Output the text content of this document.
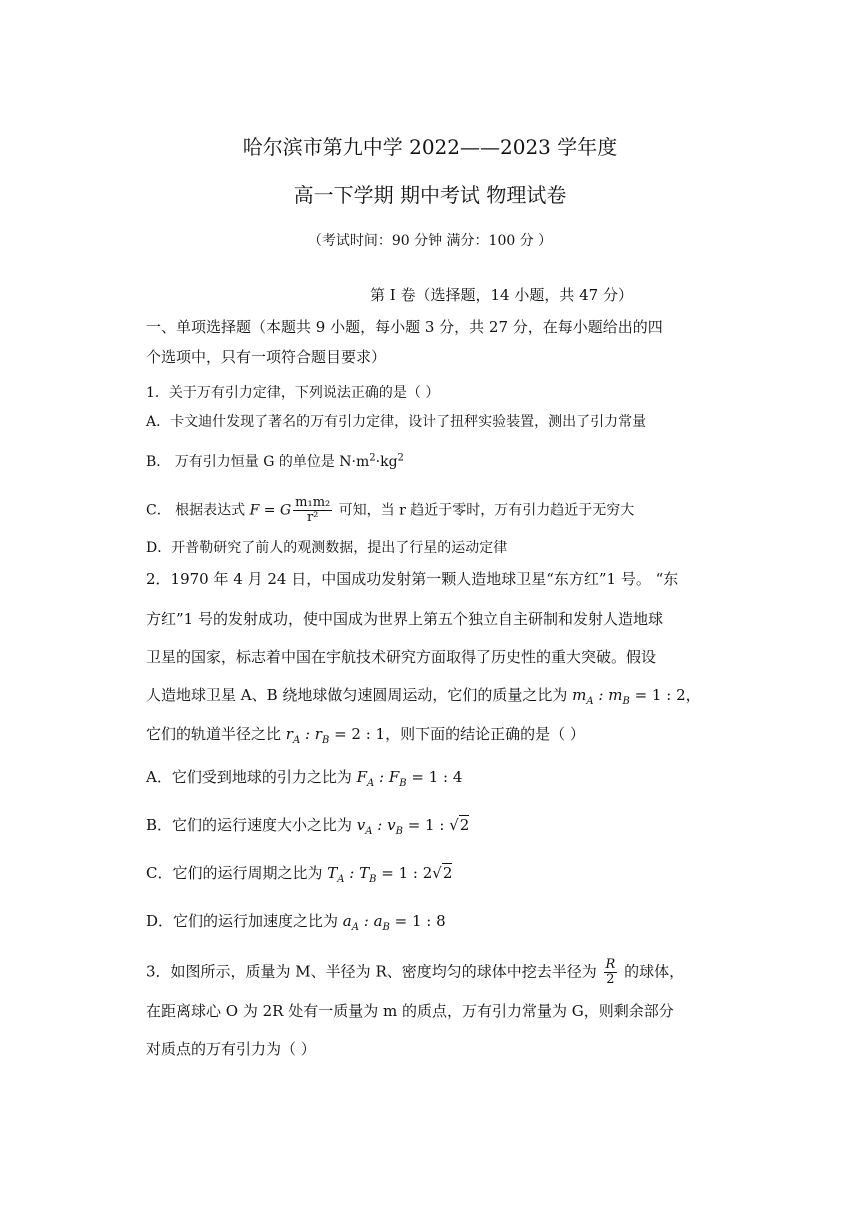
哈尔滨市第九中学 2022——2023 学年度
高一下学期 期中考试 物理试卷
（考试时间：90 分钟 满分：100 分 ）
第 I 卷（选择题，14 小题，共 47 分）
一、单项选择题（本题共 9 小题，每小题 3 分，共 27 分，在每小题给出的四
个选项中，只有一项符合题目要求）
1．关于万有引力定律，下列说法正确的是（ ）
A．卡文迪什发现了著名的万有引力定律，设计了扭秤实验装置，测出了引力常量
B． 万有引力恒量 G 的单位是 $N\cdot m^2\cdot kg^2$
C． 根据表达式 F = G $\frac{\text{m₁m₂}}{\text{r²}}$ 可知，当 r 趋近于零时，万有引力趋近于无穷大
D．开普勒研究了前人的观测数据，提出了行星的运动定律
2．1970 年 4 月 24 日，中国成功发射第一颗人造地球卫星“东方红”1 号。 “东
方红”1 号的发射成功，使中国成为世界上第五个独立自主研制和发射人造地球
卫星的国家，标志着中国在宇航技术研究方面取得了历史性的重大突破。假设
人造地球卫星 A、B 绕地球做匀速圆周运动，它们的质量之比为 $m_A$ : $m_B = 1$ : 2，
它们的轨道半径之比 $r_A$ : $r_B = 2$ : 1，则下面的结论正确的是（ ）
A．它们受到地球的引力之比为 $F_A$ : $F_B = 1$ : 4
B．它们的运行速度大小之比为 $v_A$ : $v_B = 1$ : √2
C．它们的运行周期之比为 $T_A$ : $T_B = 1$ : 2√2
D．它们的运行加速度之比为 $a_A$ : $a_B = 1$ : 8
3．如图所示，质量为 M、半径为 R、密度均匀的球体中挖去半径为 $\frac{R}{2}$ 的球体，
在距离球心 O 为 2R 处有一质量为 m 的质点，万有引力常量为 G，则剩余部分
对质点的万有引力为（ ）
